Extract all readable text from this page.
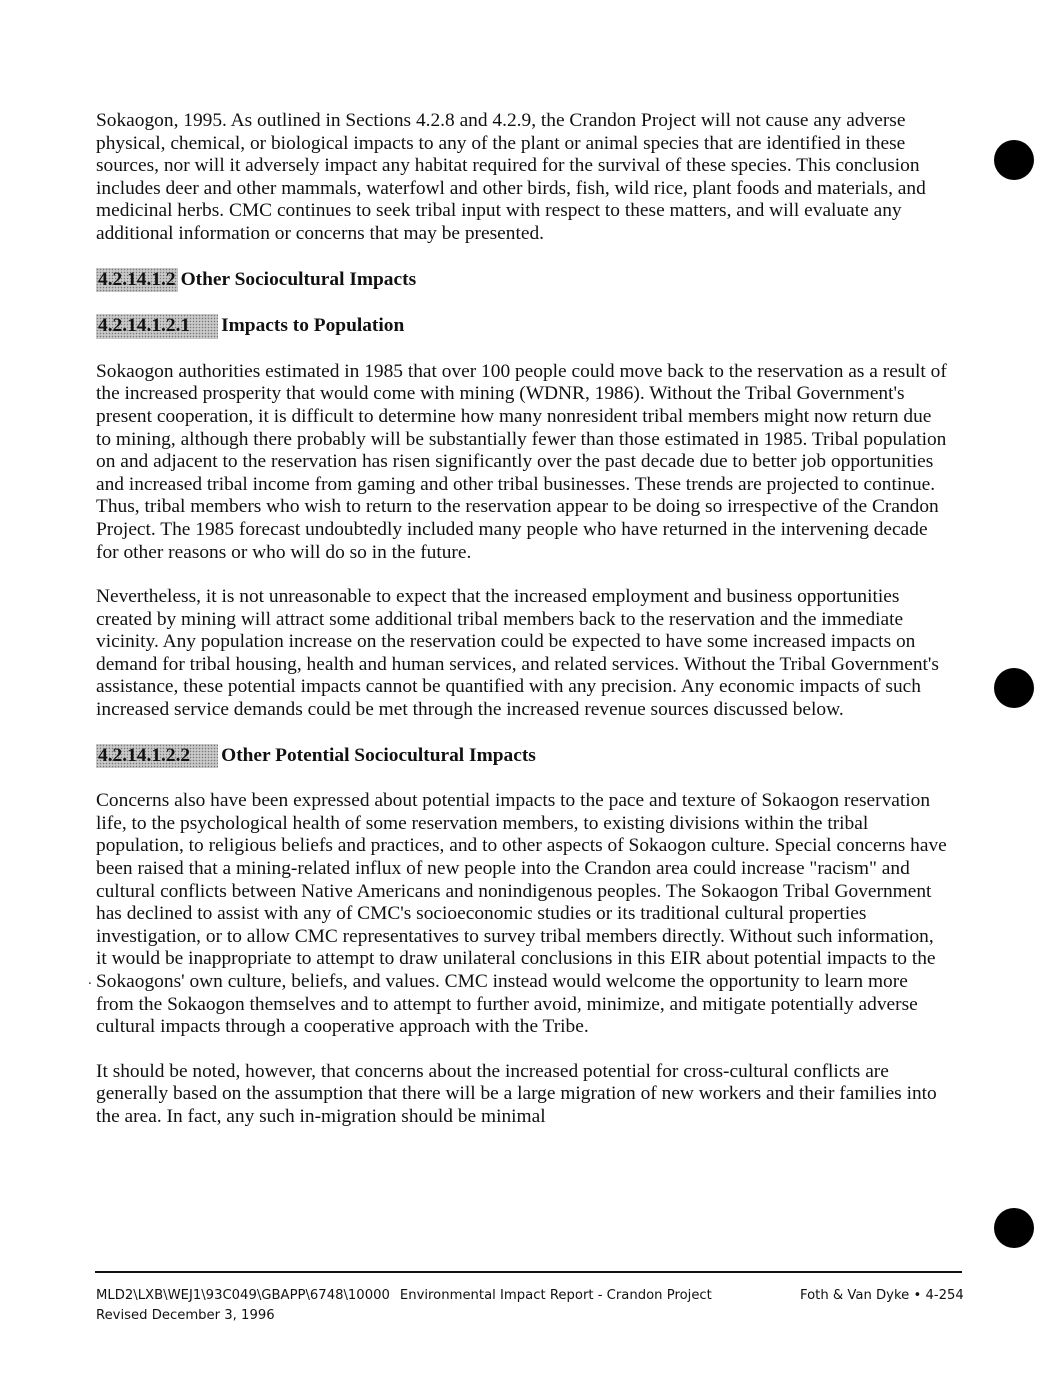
Sokaogon, 1995. As outlined in Sections 4.2.8 and 4.2.9, the Crandon Project will not cause any adverse physical, chemical, or biological impacts to any of the plant or animal species that are identified in these sources, nor will it adversely impact any habitat required for the survival of these species. This conclusion includes deer and other mammals, waterfowl and other birds, fish, wild rice, plant foods and materials, and medicinal herbs. CMC continues to seek tribal input with respect to these matters, and will evaluate any additional information or concerns that may be presented.

4.2.14.1.2 Other Sociocultural Impacts
4.2.14.1.2.1 Impacts to Population

Sokaogon authorities estimated in 1985 that over 100 people could move back to the reservation as a result of the increased prosperity that would come with mining (WDNR, 1986). Without the Tribal Government's present cooperation, it is difficult to determine how many nonresident tribal members might now return due to mining, although there probably will be substantially fewer than those estimated in 1985. Tribal population on and adjacent to the reservation has risen significantly over the past decade due to better job opportunities and increased tribal income from gaming and other tribal businesses. These trends are projected to continue. Thus, tribal members who wish to return to the reservation appear to be doing so irrespective of the Crandon Project. The 1985 forecast undoubtedly included many people who have returned in the intervening decade for other reasons or who will do so in the future.

Nevertheless, it is not unreasonable to expect that the increased employment and business opportunities created by mining will attract some additional tribal members back to the reservation and the immediate vicinity. Any population increase on the reservation could be expected to have some increased impacts on demand for tribal housing, health and human services, and related services. Without the Tribal Government's assistance, these potential impacts cannot be quantified with any precision. Any economic impacts of such increased service demands could be met through the increased revenue sources discussed below.

4.2.14.1.2.2 Other Potential Sociocultural Impacts

Concerns also have been expressed about potential impacts to the pace and texture of Sokaogon reservation life, to the psychological health of some reservation members, to existing divisions within the tribal population, to religious beliefs and practices, and to other aspects of Sokaogon culture. Special concerns have been raised that a mining-related influx of new people into the Crandon area could increase "racism" and cultural conflicts between Native Americans and nonindigenous peoples. The Sokaogon Tribal Government has declined to assist with any of CMC's socioeconomic studies or its traditional cultural properties investigation, or to allow CMC representatives to survey tribal members directly. Without such information, it would be inappropriate to attempt to draw unilateral conclusions in this EIR about potential impacts to the Sokaogons' own culture, beliefs, and values. CMC instead would welcome the opportunity to learn more from the Sokaogon themselves and to attempt to further avoid, minimize, and mitigate potentially adverse cultural impacts through a cooperative approach with the Tribe.

It should be noted, however, that concerns about the increased potential for cross-cultural conflicts are generally based on the assumption that there will be a large migration of new workers and their families into the area. In fact, any such in-migration should be minimal

.
MLD2\LXB\WEJ1\93C049\GBAPP\6748\10000 Environmental Impact Report - Crandon Project
Revised December 3, 1996
Foth & Van Dyke • 4-254
